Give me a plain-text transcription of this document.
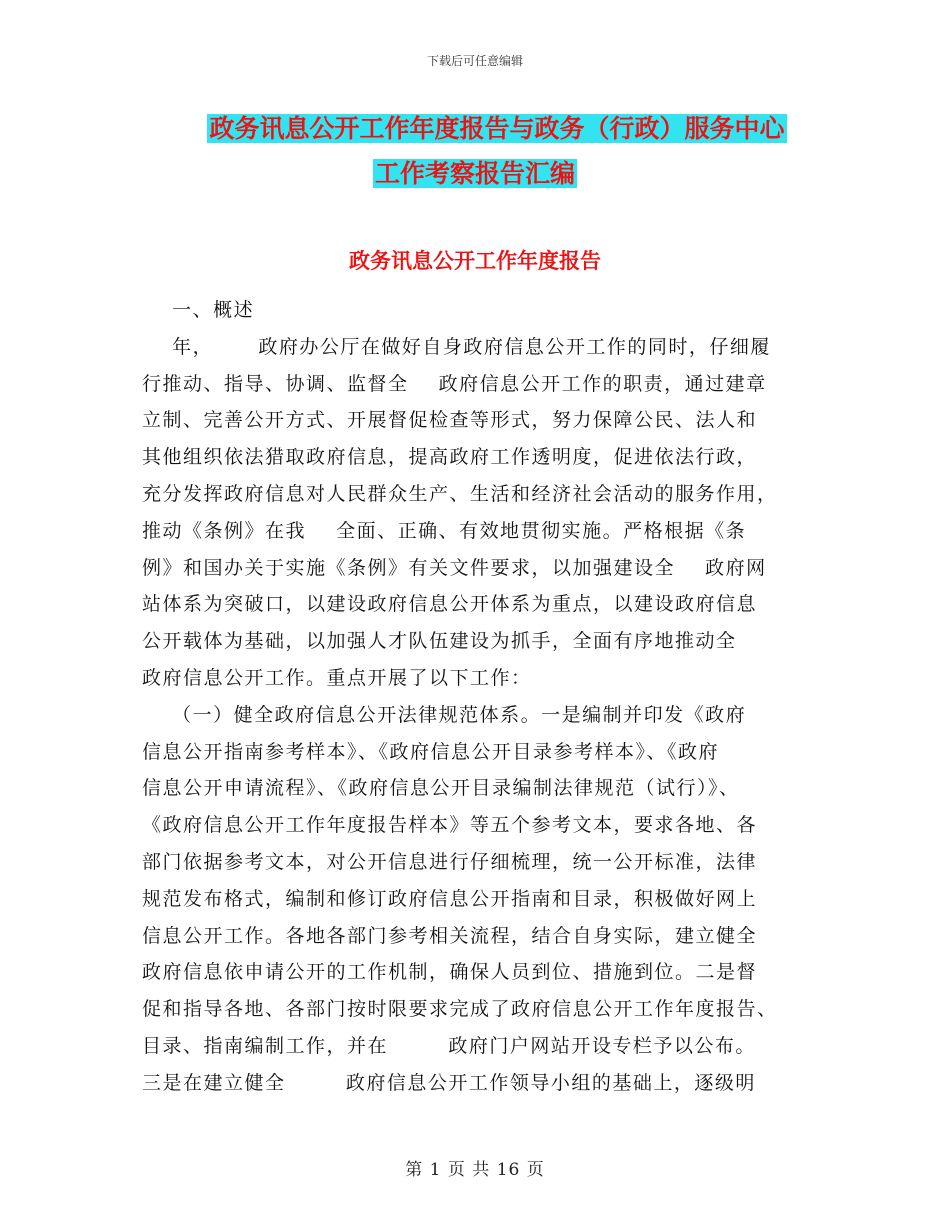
下载后可任意编辑
政务讯息公开工作年度报告与政务（行政）服务中心
工作考察报告汇编
政务讯息公开工作年度报告
一、概述
年，      政府办公厅在做好自身政府信息公开工作的同时，仔细履
行推动、指导、协调、监督全    政府信息公开工作的职责，通过建章
立制、完善公开方式、开展督促检查等形式，努力保障公民、法人和
其他组织依法猎取政府信息，提高政府工作透明度，促进依法行政，
充分发挥政府信息对人民群众生产、生活和经济社会活动的服务作用，
推动《条例》在我    全面、正确、有效地贯彻实施。严格根据《条
例》和国办关于实施《条例》有关文件要求，以加强建设全    政府网
站体系为突破口，以建设政府信息公开体系为重点，以建设政府信息
公开载体为基础，以加强人才队伍建设为抓手，全面有序地推动全
政府信息公开工作。重点开展了以下工作：
（一）健全政府信息公开法律规范体系。一是编制并印发《政府
信息公开指南参考样本》、《政府信息公开目录参考样本》、《政府
信息公开申请流程》、《政府信息公开目录编制法律规范（试行）》、
《政府信息公开工作年度报告样本》等五个参考文本，要求各地、各
部门依据参考文本，对公开信息进行仔细梳理，统一公开标准，法律
规范发布格式，编制和修订政府信息公开指南和目录，积极做好网上
信息公开工作。各地各部门参考相关流程，结合自身实际，建立健全
政府信息依申请公开的工作机制，确保人员到位、措施到位。二是督
促和指导各地、各部门按时限要求完成了政府信息公开工作年度报告、
目录、指南编制工作，并在        政府门户网站开设专栏予以公布。
三是在建立健全        政府信息公开工作领导小组的基础上，逐级明
第 1 页 共 16 页
